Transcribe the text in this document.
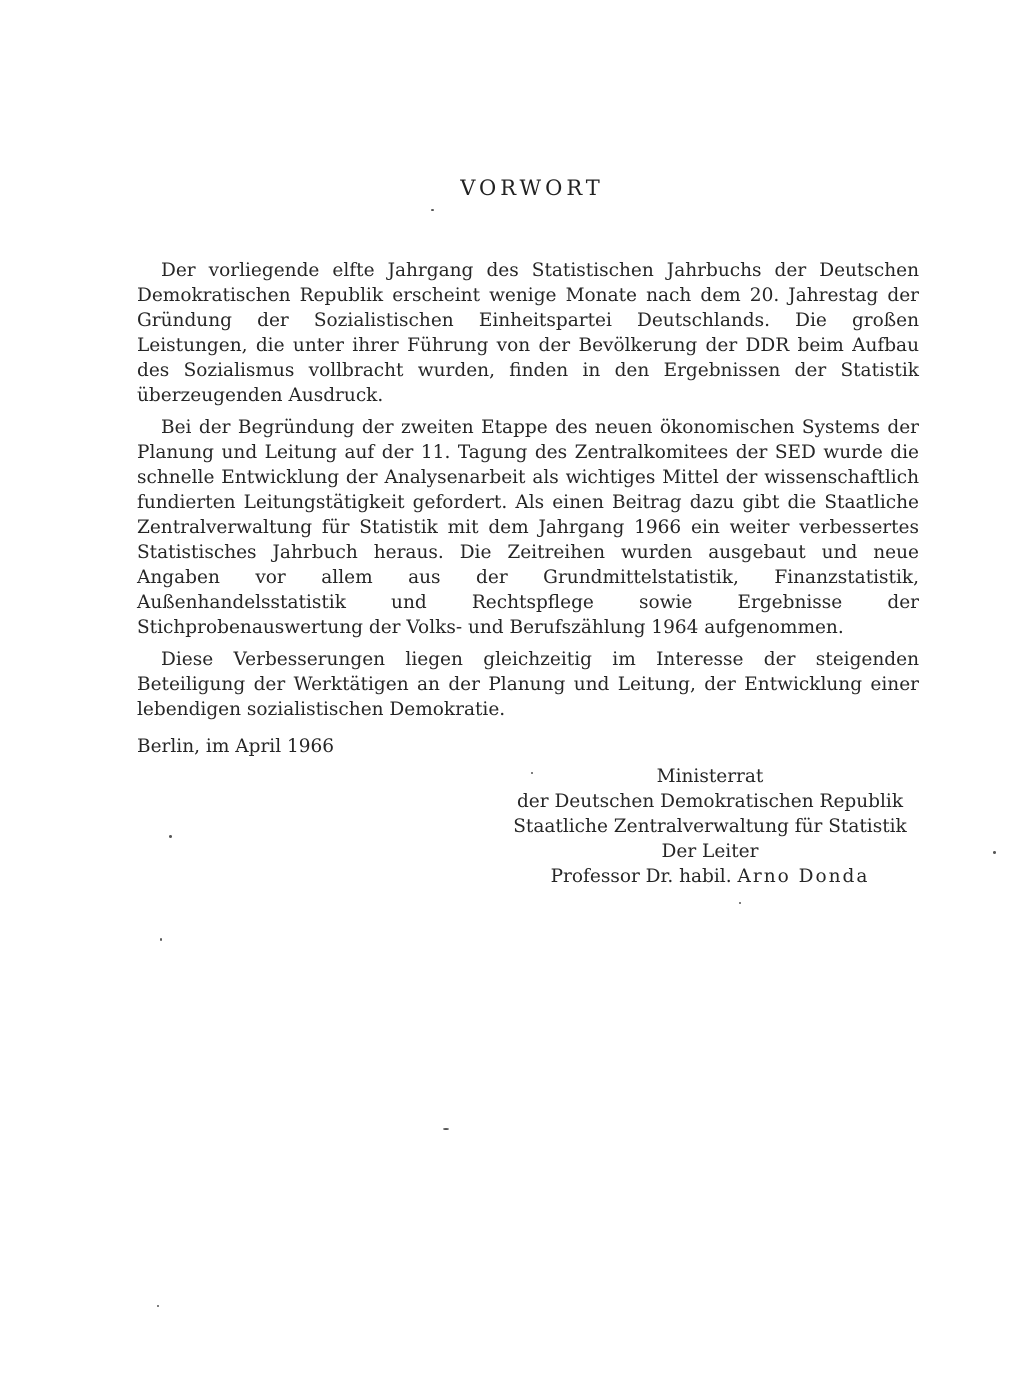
VORWORT

Der vorliegende elfte Jahrgang des Statistischen Jahrbuchs der Deutschen Demokratischen Republik erscheint wenige Monate nach dem 20. Jahrestag der Gründung der Sozialistischen Einheitspartei Deutschlands. Die großen Leistungen, die unter ihrer Führung von der Bevölkerung der DDR beim Aufbau des Sozialismus vollbracht wurden, finden in den Ergebnissen der Statistik überzeugenden Ausdruck.

Bei der Begründung der zweiten Etappe des neuen ökonomischen Systems der Planung und Leitung auf der 11. Tagung des Zentralkomitees der SED wurde die schnelle Entwicklung der Analysenarbeit als wichtiges Mittel der wissenschaftlich fundierten Leitungstätigkeit gefordert. Als einen Beitrag dazu gibt die Staatliche Zentralverwaltung für Statistik mit dem Jahrgang 1966 ein weiter verbessertes Statistisches Jahrbuch heraus. Die Zeitreihen wurden ausgebaut und neue Angaben vor allem aus der Grundmittelstatistik, Finanzstatistik, Außenhandelsstatistik und Rechtspflege sowie Ergebnisse der Stichprobenauswertung der Volks- und Berufszählung 1964 aufgenommen.

Diese Verbesserungen liegen gleichzeitig im Interesse der steigenden Beteiligung der Werktätigen an der Planung und Leitung, der Entwicklung einer lebendigen sozialistischen Demokratie.

Berlin, im April 1966
Ministerrat
der Deutschen Demokratischen Republik
Staatliche Zentralverwaltung für Statistik
Der Leiter
Professor Dr. habil. Arno Donda
